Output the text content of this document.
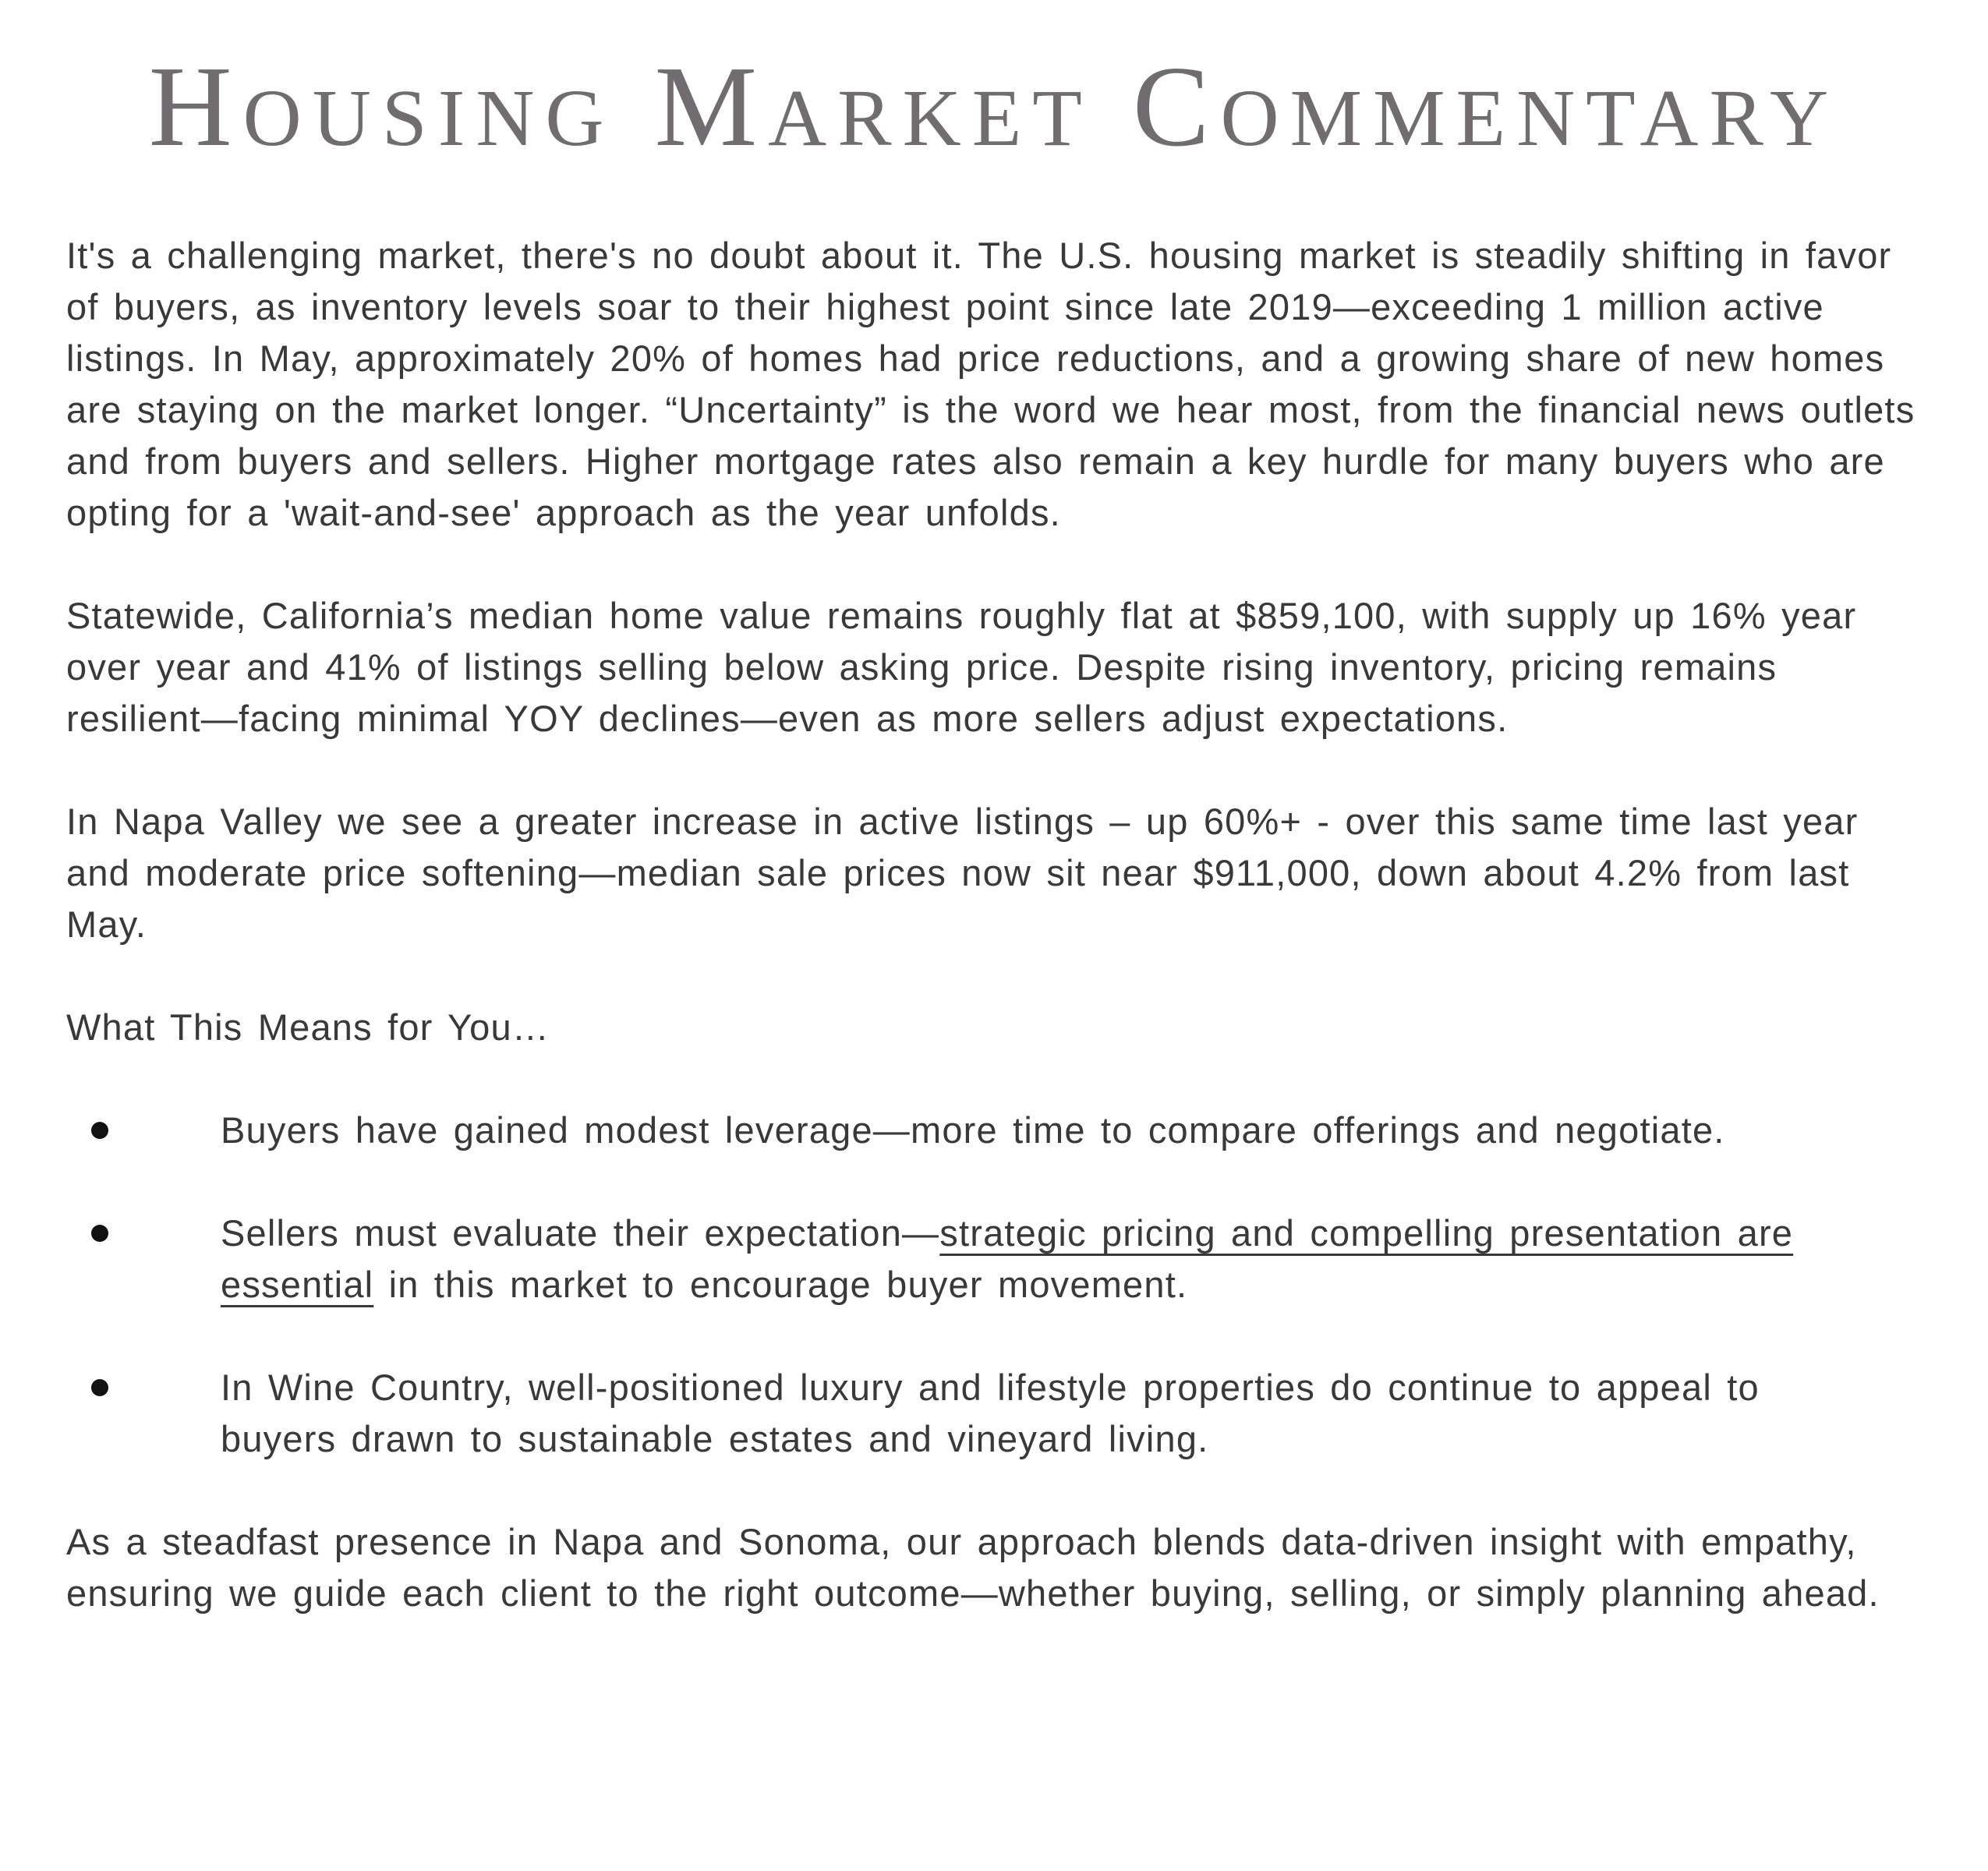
Housing Market Commentary

It's a challenging market, there's no doubt about it. The U.S. housing market is steadily shifting in favor of buyers, as inventory levels soar to their highest point since late 2019—exceeding 1 million active listings. In May, approximately 20% of homes had price reductions, and a growing share of new homes are staying on the market longer. “Uncertainty” is the word we hear most, from the financial news outlets and from buyers and sellers. Higher mortgage rates also remain a key hurdle for many buyers who are opting for a 'wait-and-see' approach as the year unfolds.

Statewide, California’s median home value remains roughly flat at $859,100, with supply up 16% year over year and 41% of listings selling below asking price. Despite rising inventory, pricing remains resilient—facing minimal YOY declines—even as more sellers adjust expectations.

In Napa Valley we see a greater increase in active listings – up 60%+ - over this same time last year and moderate price softening—median sale prices now sit near $911,000, down about 4.2% from last May.

What This Means for You…

Buyers have gained modest leverage—more time to compare offerings and negotiate.
Sellers must evaluate their expectation—strategic pricing and compelling presentation are essential in this market to encourage buyer movement.
In Wine Country, well-positioned luxury and lifestyle properties do continue to appeal to buyers drawn to sustainable estates and vineyard living.

As a steadfast presence in Napa and Sonoma, our approach blends data-driven insight with empathy, ensuring we guide each client to the right outcome—whether buying, selling, or simply planning ahead.
